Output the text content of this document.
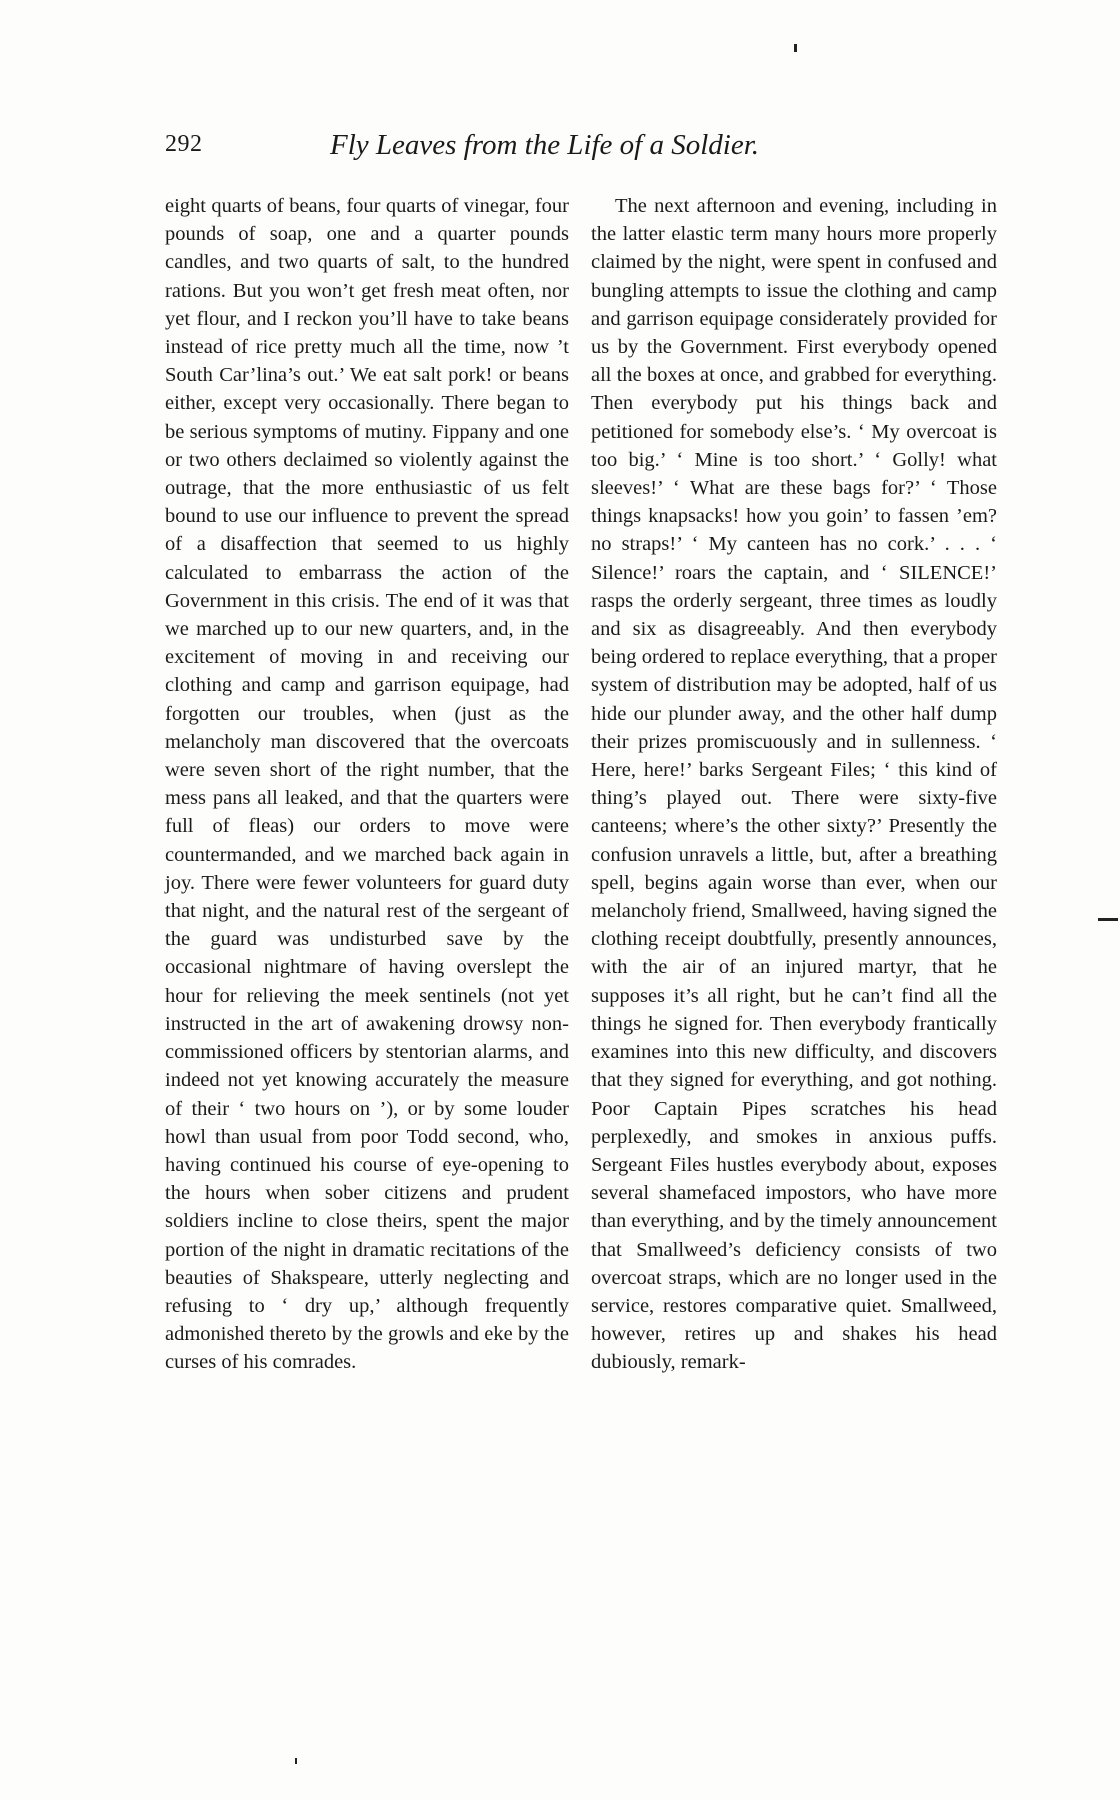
292	Fly Leaves from the Life of a Soldier.

eight quarts of beans, four quarts of vinegar, four pounds of soap, one and a quarter pounds candles, and two quarts of salt, to the hundred rations. But you won’t get fresh meat often, nor yet flour, and I reckon you’ll have to take beans instead of rice pretty much all the time, now ’t South Car’lina’s out.’ We eat salt pork! or beans either, except very occasionally. There began to be serious symptoms of mutiny. Fippany and one or two others declaimed so violently against the outrage, that the more enthusiastic of us felt bound to use our influence to prevent the spread of a disaffection that seemed to us highly calculated to embarrass the action of the Government in this crisis. The end of it was that we marched up to our new quarters, and, in the excitement of moving in and receiving our clothing and camp and garrison equipage, had forgotten our troubles, when (just as the melancholy man discovered that the overcoats were seven short of the right number, that the mess pans all leaked, and that the quarters were full of fleas) our orders to move were countermanded, and we marched back again in joy. There were fewer volunteers for guard duty that night, and the natural rest of the sergeant of the guard was undisturbed save by the occasional nightmare of having overslept the hour for relieving the meek sentinels (not yet instructed in the art of awakening drowsy non-commissioned officers by stentorian alarms, and indeed not yet knowing accurately the measure of their ‘ two hours on ’), or by some louder howl than usual from poor Todd second, who, having continued his course of eye-opening to the hours when sober citizens and prudent soldiers incline to close theirs, spent the major portion of the night in dramatic recitations of the beauties of Shakspeare, utterly neglecting and refusing to ‘ dry up,’ although frequently admonished thereto by the growls and eke by the curses of his comrades.

The next afternoon and evening, including in the latter elastic term many hours more properly claimed by the night, were spent in confused and bungling attempts to issue the clothing and camp and garrison equipage considerately provided for us by the Government. First everybody opened all the boxes at once, and grabbed for everything. Then everybody put his things back and petitioned for somebody else’s. ‘ My overcoat is too big.’ ‘ Mine is too short.’ ‘ Golly! what sleeves!’ ‘ What are these bags for?’ ‘ Those things knapsacks! how you goin’ to fassen ’em? no straps!’ ‘ My canteen has no cork.’ . . . ‘ Silence!’ roars the captain, and ‘ SILENCE!’ rasps the orderly sergeant, three times as loudly and six as disagreeably. And then everybody being ordered to replace everything, that a proper system of distribution may be adopted, half of us hide our plunder away, and the other half dump their prizes promiscuously and in sullenness. ‘ Here, here!’ barks Sergeant Files; ‘ this kind of thing’s played out. There were sixty-five canteens; where’s the other sixty?’ Presently the confusion unravels a little, but, after a breathing spell, begins again worse than ever, when our melancholy friend, Smallweed, having signed the clothing receipt doubtfully, presently announces, with the air of an injured martyr, that he supposes it’s all right, but he can’t find all the things he signed for. Then everybody frantically examines into this new difficulty, and discovers that they signed for everything, and got nothing. Poor Captain Pipes scratches his head perplexedly, and smokes in anxious puffs. Sergeant Files hustles everybody about, exposes several shamefaced impostors, who have more than everything, and by the timely announcement that Smallweed’s deficiency consists of two overcoat straps, which are no longer used in the service, restores comparative quiet. Smallweed, however, retires up and shakes his head dubiously, remark-
